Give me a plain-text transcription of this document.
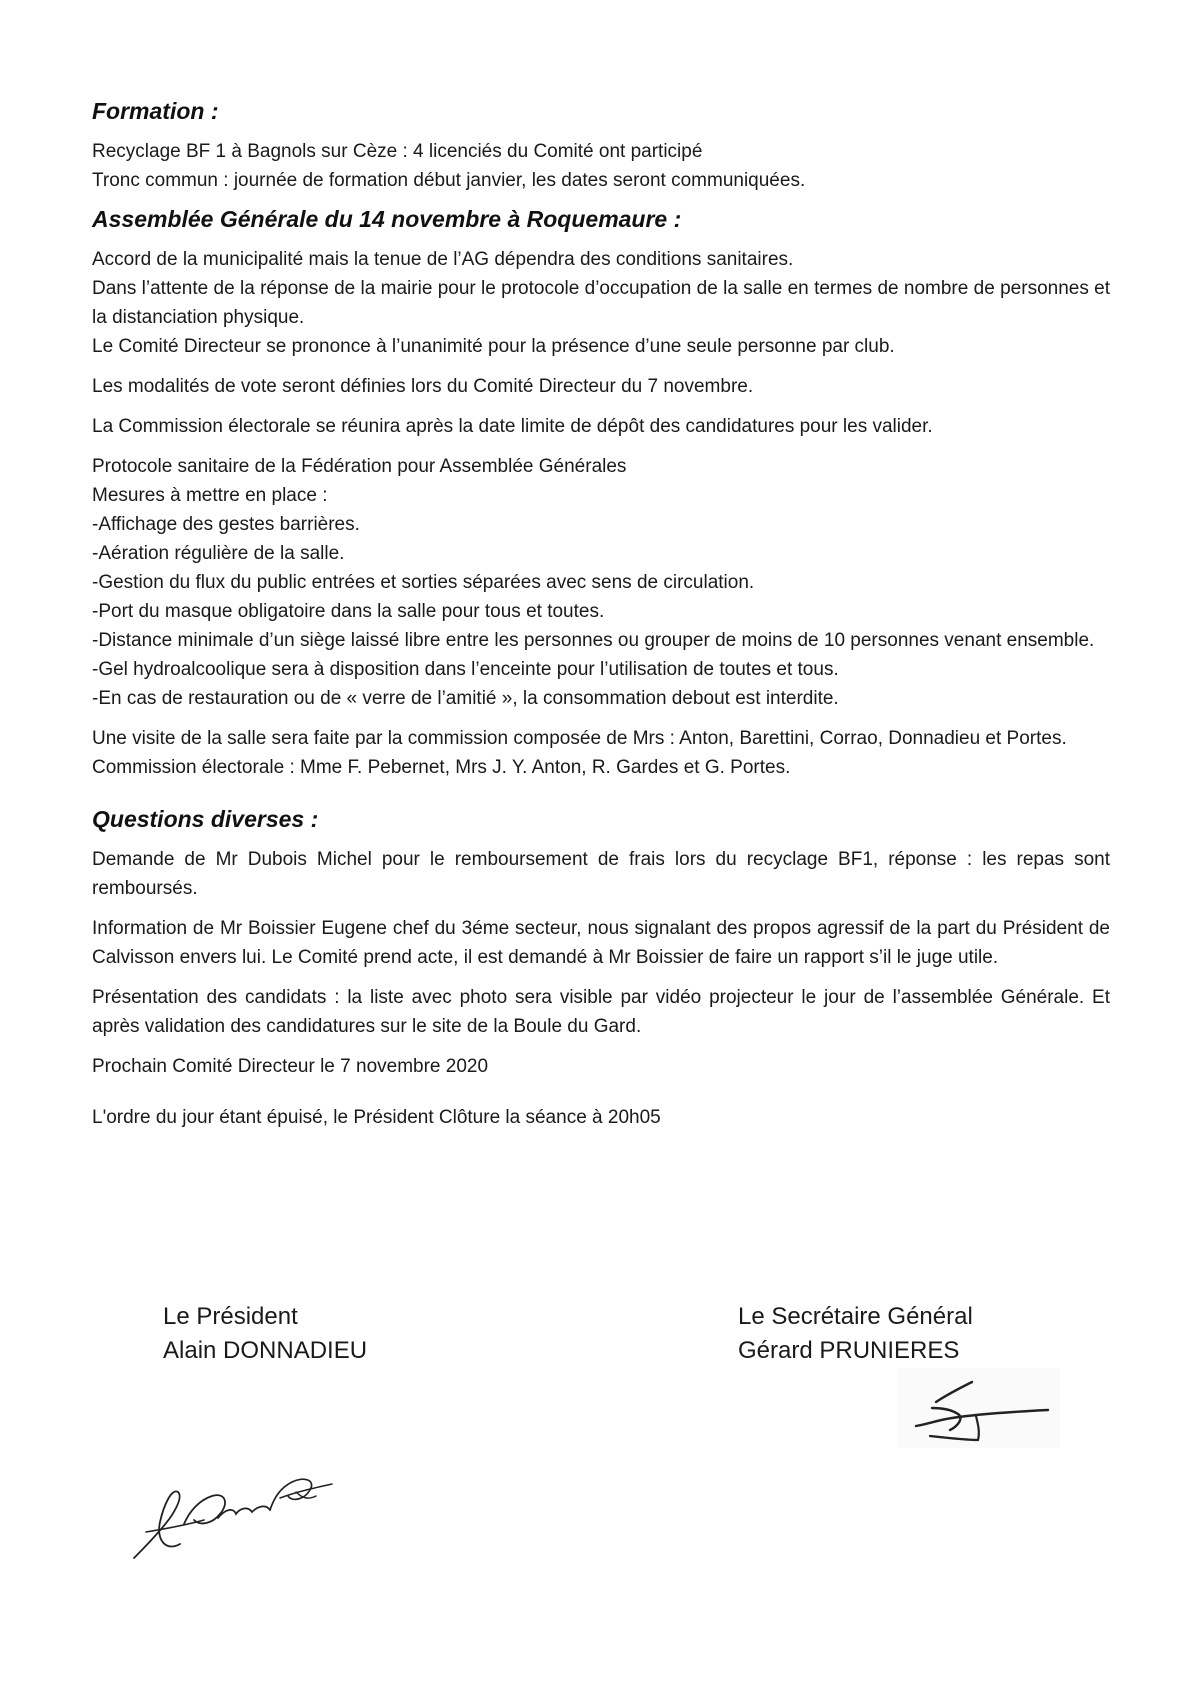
Formation :
Recyclage BF 1 à Bagnols sur Cèze : 4 licenciés du Comité ont participé
Tronc commun : journée de formation début janvier, les dates seront communiquées.
Assemblée Générale du 14 novembre à Roquemaure :
Accord de la municipalité mais la tenue de l’AG dépendra des conditions sanitaires.
Dans l’attente de la réponse de la mairie pour le protocole d’occupation de la salle en termes de nombre de personnes et la distanciation physique.
Le Comité Directeur se prononce à l’unanimité pour la présence d’une seule personne par club.

Les modalités de vote seront définies lors du Comité Directeur du 7 novembre.

La Commission électorale se réunira après la date limite de dépôt des candidatures pour les valider.

Protocole sanitaire de la Fédération pour Assemblée Générales
Mesures à mettre en place :
-Affichage des gestes barrières.
-Aération régulière de la salle.
-Gestion du flux du public entrées et sorties séparées avec sens de circulation.
-Port du masque obligatoire dans la salle pour tous et toutes.
-Distance minimale d’un siège laissé libre entre les personnes ou grouper de moins de 10 personnes venant ensemble.
-Gel hydroalcoolique sera à disposition dans l’enceinte pour l’utilisation de toutes et tous.
-En cas de restauration ou de « verre de l’amitié », la consommation debout est interdite.
Une visite de la salle sera faite par la commission composée de Mrs : Anton, Barettini, Corrao, Donnadieu et Portes.
Commission électorale : Mme F. Pebernet, Mrs J. Y. Anton, R. Gardes et G. Portes.
Questions diverses :

Demande de Mr Dubois Michel pour le remboursement de frais lors du recyclage BF1, réponse : les repas sont remboursés.

Information de Mr Boissier Eugene chef du 3éme secteur, nous signalant des propos agressif de la part du Président de Calvisson envers lui. Le Comité prend acte, il est demandé à Mr Boissier de faire un rapport s’il le juge utile.

Présentation des candidats : la liste avec photo sera visible par vidéo projecteur le jour de l’assemblée Générale. Et après validation des candidatures sur le site de la Boule du Gard.

Prochain Comité Directeur le 7 novembre 2020

L'ordre du jour étant épuisé, le Président Clôture la séance à 20h05

Le Président
Alain DONNADIEU
Le Secrétaire Général
Gérard PRUNIERES
